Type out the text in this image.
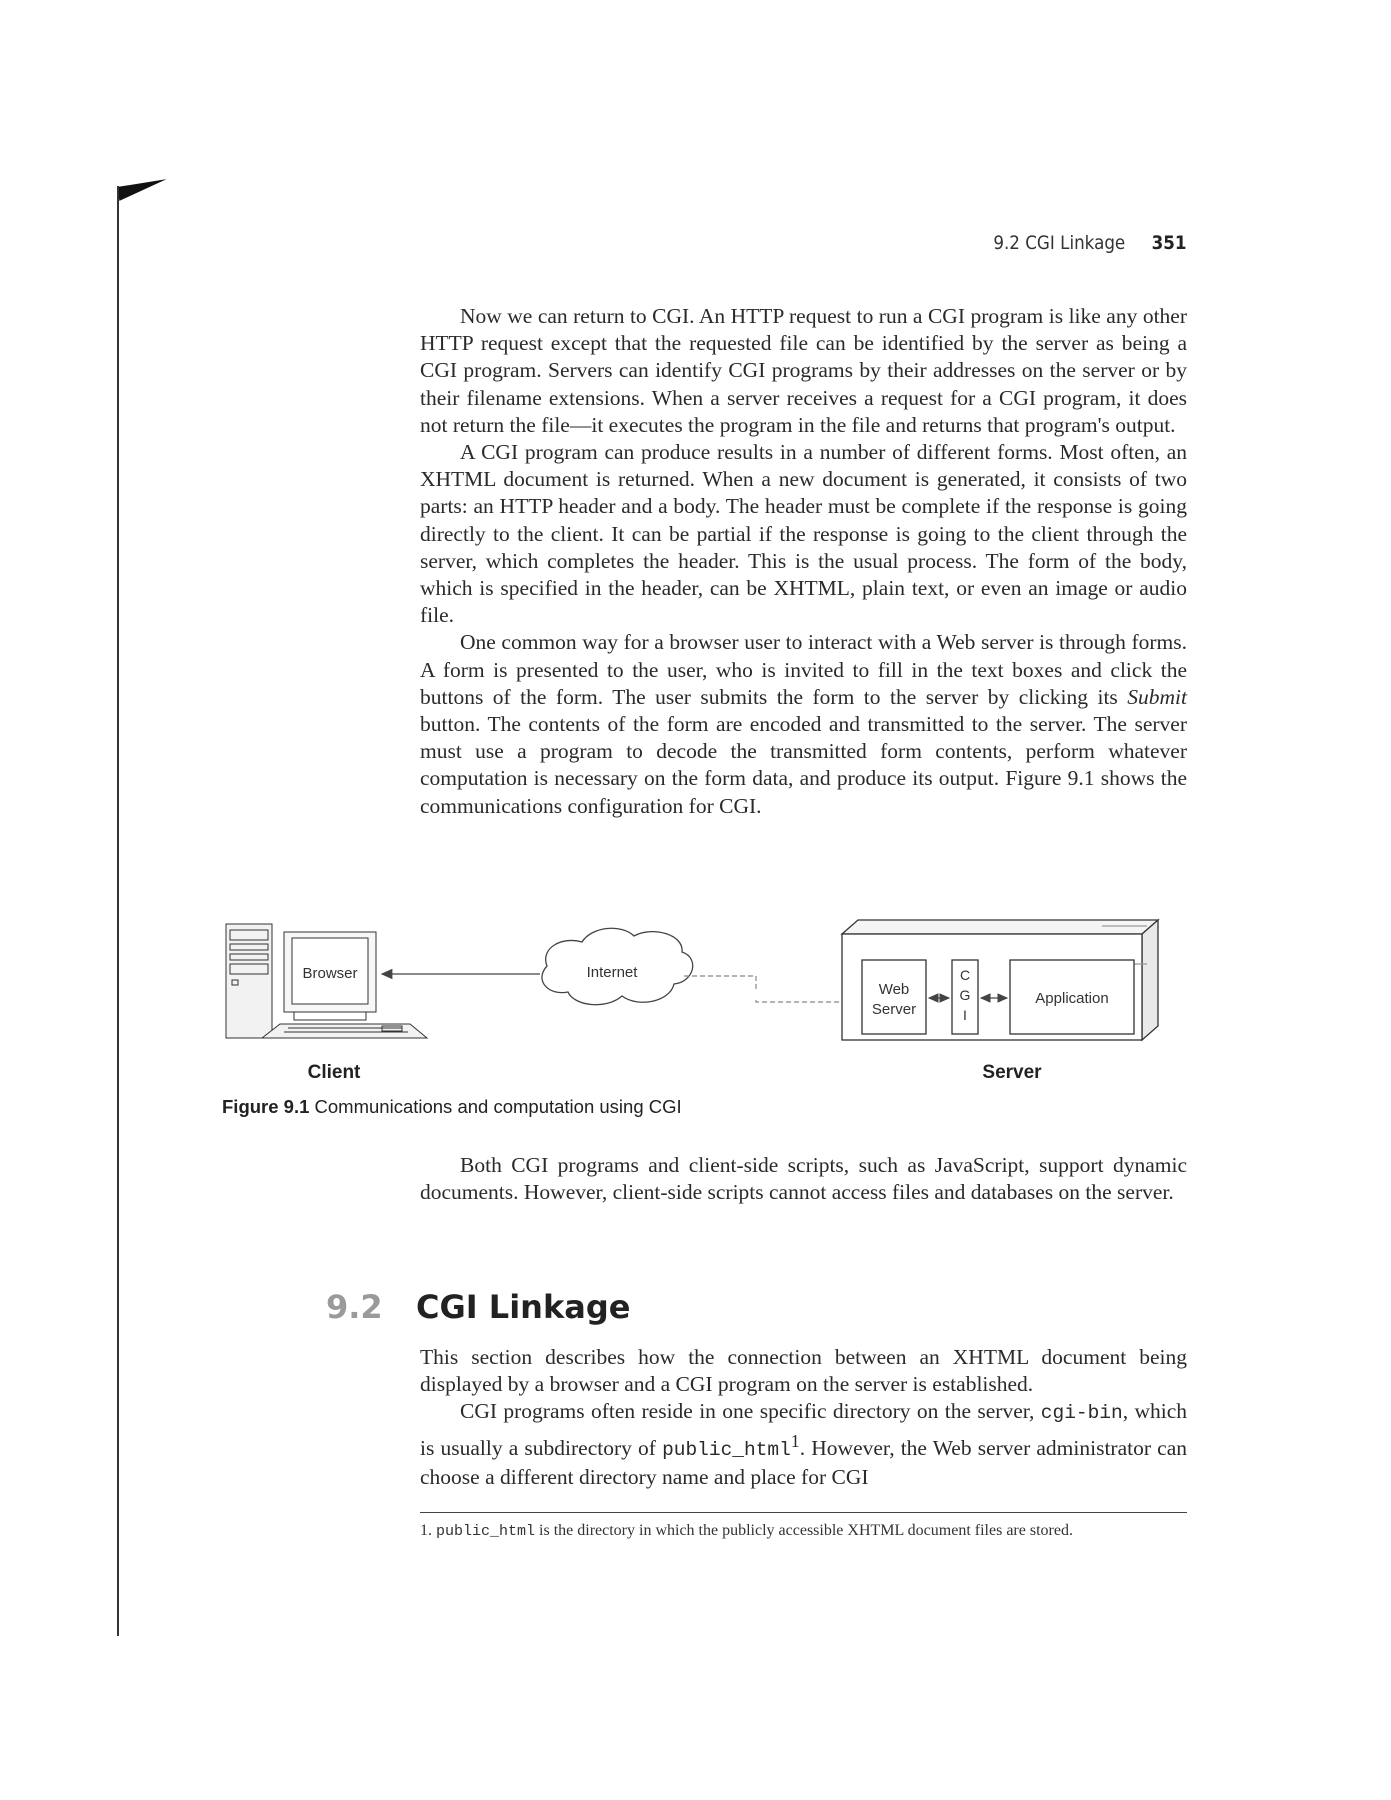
9.2 CGI Linkage 351

Now we can return to CGI. An HTTP request to run a CGI program is like any other HTTP request except that the requested file can be identified by the server as being a CGI program. Servers can identify CGI programs by their addresses on the server or by their filename extensions. When a server receives a request for a CGI program, it does not return the file—it executes the program in the file and returns that program's output.

A CGI program can produce results in a number of different forms. Most often, an XHTML document is returned. When a new document is generated, it consists of two parts: an HTTP header and a body. The header must be complete if the response is going directly to the client. It can be partial if the response is going to the client through the server, which completes the header. This is the usual process. The form of the body, which is specified in the header, can be XHTML, plain text, or even an image or audio file.

One common way for a browser user to interact with a Web server is through forms. A form is presented to the user, who is invited to fill in the text boxes and click the buttons of the form. The user submits the form to the server by clicking its Submit button. The contents of the form are encoded and transmitted to the server. The server must use a program to decode the transmitted form contents, perform whatever computation is necessary on the form data, and produce its output. Figure 9.1 shows the communications configuration for CGI.

Browser	Internet
Web
Server
C
G
I
Application
Client	Server
Figure 9.1 Communications and computation using CGI

Both CGI programs and client-side scripts, such as JavaScript, support dynamic documents. However, client-side scripts cannot access files and databases on the server.

9.2 CGI Linkage

This section describes how the connection between an XHTML document being displayed by a browser and a CGI program on the server is established.

CGI programs often reside in one specific directory on the server, cgi-bin, which is usually a subdirectory of public_html$^1$. However, the Web server administrator can choose a different directory name and place for CGI

1. public_html is the directory in which the publicly accessible XHTML document files are stored.
